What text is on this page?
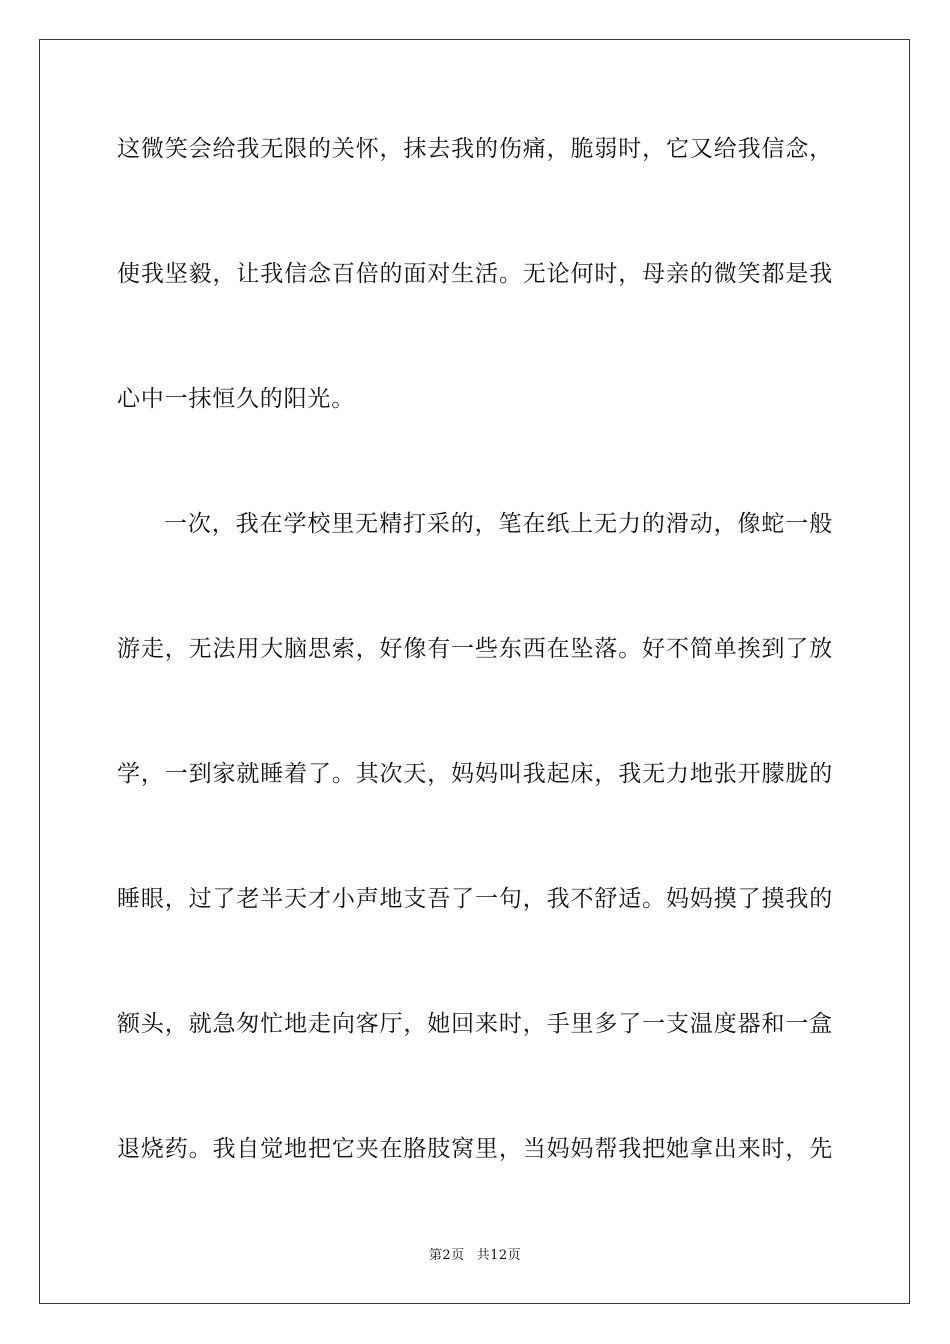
这微笑会给我无限的关怀，抹去我的伤痛，脆弱时，它又给我信念，
使我坚毅，让我信念百倍的面对生活。无论何时，母亲的微笑都是我
心中一抹恒久的阳光。
一次，我在学校里无精打采的，笔在纸上无力的滑动，像蛇一般
游走，无法用大脑思索，好像有一些东西在坠落。好不简单挨到了放
学，一到家就睡着了。其次天，妈妈叫我起床，我无力地张开朦胧的
睡眼，过了老半天才小声地支吾了一句，我不舒适。妈妈摸了摸我的
额头，就急匆忙地走向客厅，她回来时，手里多了一支温度器和一盒
退烧药。我自觉地把它夹在胳肢窝里，当妈妈帮我把她拿出来时，先
第2页 共12页
